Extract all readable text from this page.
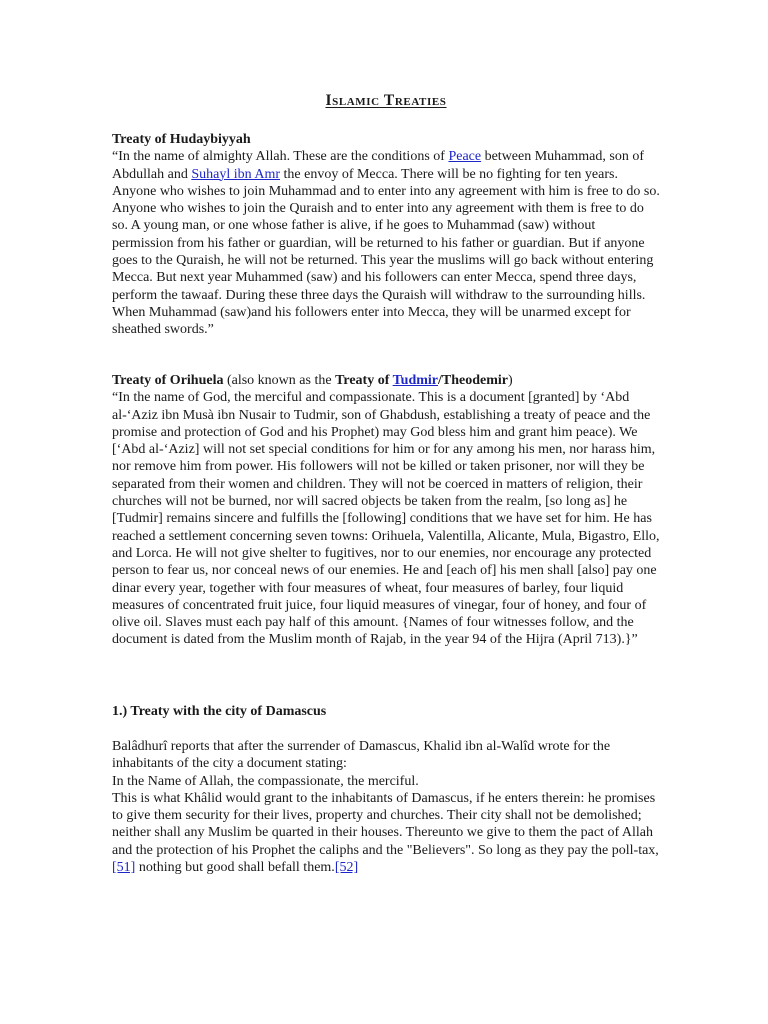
Islamic Treaties

Treaty of Hudaybiyyah

“In the name of almighty Allah. These are the conditions of Peace between Muhammad, son of Abdullah and Suhayl ibn Amr the envoy of Mecca. There will be no fighting for ten years. Anyone who wishes to join Muhammad and to enter into any agreement with him is free to do so. Anyone who wishes to join the Quraish and to enter into any agreement with them is free to do so. A young man, or one whose father is alive, if he goes to Muhammad (saw) without permission from his father or guardian, will be returned to his father or guardian. But if anyone goes to the Quraish, he will not be returned. This year the muslims will go back without entering Mecca. But next year Muhammed (saw) and his followers can enter Mecca, spend three days, perform the tawaaf. During these three days the Quraish will withdraw to the surrounding hills. When Muhammad (saw)and his followers enter into Mecca, they will be unarmed except for sheathed swords.”

Treaty of Orihuela (also known as the Treaty of Tudmir/Theodemir)

“In the name of God, the merciful and compassionate. This is a document [granted] by ‘Abd al-‘Aziz ibn Musà ibn Nusair to Tudmir, son of Ghabdush, establishing a treaty of peace and the promise and protection of God and his Prophet) may God bless him and grant him peace). We [‘Abd al-‘Aziz] will not set special conditions for him or for any among his men, nor harass him, nor remove him from power. His followers will not be killed or taken prisoner, nor will they be separated from their women and children. They will not be coerced in matters of religion, their churches will not be burned, nor will sacred objects be taken from the realm, [so long as] he [Tudmir] remains sincere and fulfills the [following] conditions that we have set for him. He has reached a settlement concerning seven towns: Orihuela, Valentilla, Alicante, Mula, Bigastro, Ello, and Lorca. He will not give shelter to fugitives, nor to our enemies, nor encourage any protected person to fear us, nor conceal news of our enemies. He and [each of] his men shall [also] pay one dinar every year, together with four measures of wheat, four measures of barley, four liquid measures of concentrated fruit juice, four liquid measures of vinegar, four of honey, and four of olive oil. Slaves must each pay half of this amount. {Names of four witnesses follow, and the document is dated from the Muslim month of Rajab, in the year 94 of the Hijra (April 713).}”

1.) Treaty with the city of Damascus

Balâdhurî reports that after the surrender of Damascus, Khalid ibn al-Walîd wrote for the inhabitants of the city a document stating:

In the Name of Allah, the compassionate, the merciful.

This is what Khâlid would grant to the inhabitants of Damascus, if he enters therein: he promises to give them security for their lives, property and churches. Their city shall not be demolished; neither shall any Muslim be quarted in their houses. Thereunto we give to them the pact of Allah and the protection of his Prophet the caliphs and the "Believers". So long as they pay the poll-tax,[51] nothing but good shall befall them.[52]
